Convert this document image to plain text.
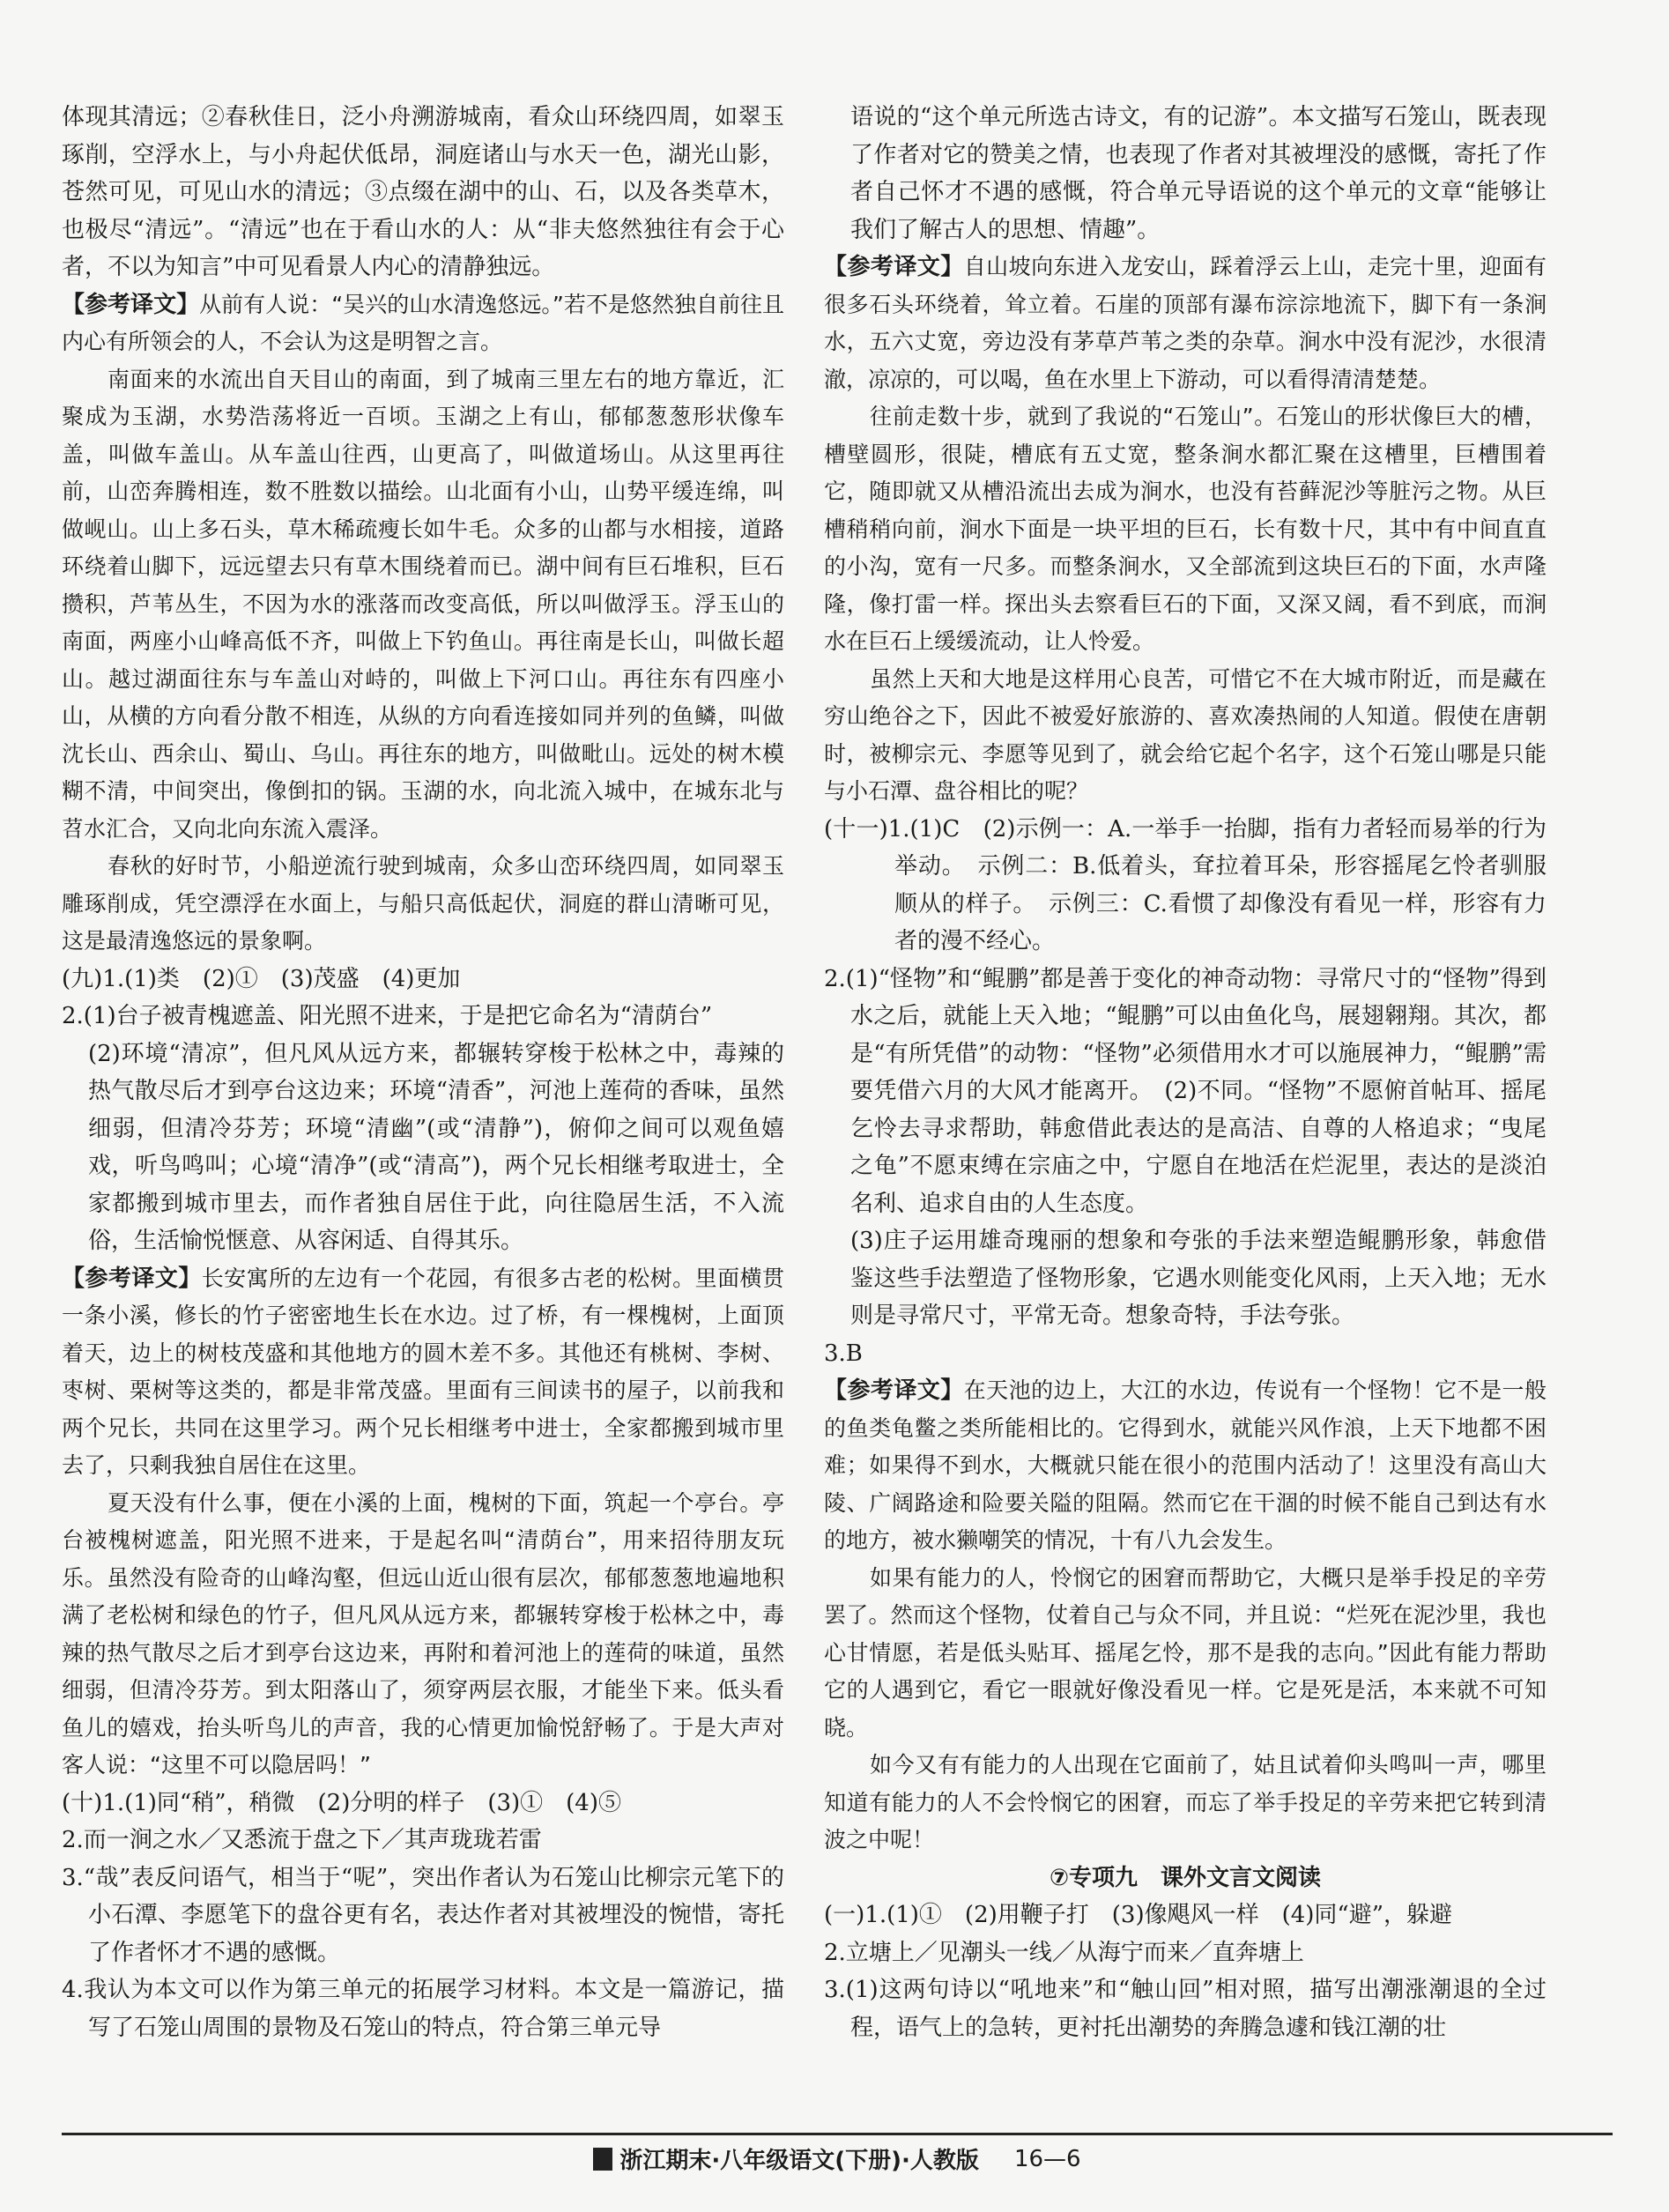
体现其清远；②春秋佳日，泛小舟溯游城南，看众山环绕四周，如翠玉琢削，空浮水上，与小舟起伏低昂，洞庭诸山与水天一色，湖光山影，苍然可见，可见山水的清远；③点缀在湖中的山、石，以及各类草木，也极尽“清远”。“清远”也在于看山水的人：从“非夫悠然独往有会于心者，不以为知言”中可见看景人内心的清静独远。

【参考译文】从前有人说：“吴兴的山水清逸悠远。”若不是悠然独自前往且内心有所领会的人，不会认为这是明智之言。

南面来的水流出自天目山的南面，到了城南三里左右的地方靠近，汇聚成为玉湖，水势浩荡将近一百顷。玉湖之上有山，郁郁葱葱形状像车盖，叫做车盖山。从车盖山往西，山更高了，叫做道场山。从这里再往前，山峦奔腾相连，数不胜数以描绘。山北面有小山，山势平缓连绵，叫做岘山。山上多石头，草木稀疏瘦长如牛毛。众多的山都与水相接，道路环绕着山脚下，远远望去只有草木围绕着而已。湖中间有巨石堆积，巨石攒积，芦苇丛生，不因为水的涨落而改变高低，所以叫做浮玉。浮玉山的南面，两座小山峰高低不齐，叫做上下钓鱼山。再往南是长山，叫做长超山。越过湖面往东与车盖山对峙的，叫做上下河口山。再往东有四座小山，从横的方向看分散不相连，从纵的方向看连接如同并列的鱼鳞，叫做沈长山、西余山、蜀山、乌山。再往东的地方，叫做毗山。远处的树木模糊不清，中间突出，像倒扣的锅。玉湖的水，向北流入城中，在城东北与苕水汇合，又向北向东流入震泽。

春秋的好时节，小船逆流行驶到城南，众多山峦环绕四周，如同翠玉雕琢削成，凭空漂浮在水面上，与船只高低起伏，洞庭的群山清晰可见，这是最清逸悠远的景象啊。

(九)1.(1)类　(2)①　(3)茂盛　(4)更加

2.(1)台子被青槐遮盖、阳光照不进来，于是把它命名为“清荫台”

(2)环境“清凉”，但凡风从远方来，都辗转穿梭于松林之中，毒辣的热气散尽后才到亭台这边来；环境“清香”，河池上莲荷的香味，虽然细弱，但清冷芬芳；环境“清幽”(或“清静”)，俯仰之间可以观鱼嬉戏，听鸟鸣叫；心境“清净”(或“清高”)，两个兄长相继考取进士，全家都搬到城市里去，而作者独自居住于此，向往隐居生活，不入流俗，生活愉悦惬意、从容闲适、自得其乐。

【参考译文】长安寓所的左边有一个花园，有很多古老的松树。里面横贯一条小溪，修长的竹子密密地生长在水边。过了桥，有一棵槐树，上面顶着天，边上的树枝茂盛和其他地方的圆木差不多。其他还有桃树、李树、枣树、栗树等这类的，都是非常茂盛。里面有三间读书的屋子，以前我和两个兄长，共同在这里学习。两个兄长相继考中进士，全家都搬到城市里去了，只剩我独自居住在这里。

夏天没有什么事，便在小溪的上面，槐树的下面，筑起一个亭台。亭台被槐树遮盖，阳光照不进来，于是起名叫“清荫台”，用来招待朋友玩乐。虽然没有险奇的山峰沟壑，但远山近山很有层次，郁郁葱葱地遍地积满了老松树和绿色的竹子，但凡风从远方来，都辗转穿梭于松林之中，毒辣的热气散尽之后才到亭台这边来，再附和着河池上的莲荷的味道，虽然细弱，但清冷芬芳。到太阳落山了，须穿两层衣服，才能坐下来。低头看鱼儿的嬉戏，抬头听鸟儿的声音，我的心情更加愉悦舒畅了。于是大声对客人说：“这里不可以隐居吗！”

(十)1.(1)同“稍”，稍微　(2)分明的样子　(3)①　(4)⑤

2.而一涧之水／又悉流于盘之下／其声珑珑若雷

3.“哉”表反问语气，相当于“呢”，突出作者认为石笼山比柳宗元笔下的小石潭、李愿笔下的盘谷更有名，表达作者对其被埋没的惋惜，寄托了作者怀才不遇的感慨。

4.我认为本文可以作为第三单元的拓展学习材料。本文是一篇游记，描写了石笼山周围的景物及石笼山的特点，符合第三单元导

语说的“这个单元所选古诗文，有的记游”。本文描写石笼山，既表现了作者对它的赞美之情，也表现了作者对其被埋没的感慨，寄托了作者自己怀才不遇的感慨，符合单元导语说的这个单元的文章“能够让我们了解古人的思想、情趣”。

【参考译文】自山坡向东进入龙安山，踩着浮云上山，走完十里，迎面有很多石头环绕着，耸立着。石崖的顶部有瀑布淙淙地流下，脚下有一条涧水，五六丈宽，旁边没有茅草芦苇之类的杂草。涧水中没有泥沙，水很清澈，凉凉的，可以喝，鱼在水里上下游动，可以看得清清楚楚。

往前走数十步，就到了我说的“石笼山”。石笼山的形状像巨大的槽，槽壁圆形，很陡，槽底有五丈宽，整条涧水都汇聚在这槽里，巨槽围着它，随即就又从槽沿流出去成为涧水，也没有苔藓泥沙等脏污之物。从巨槽稍稍向前，涧水下面是一块平坦的巨石，长有数十尺，其中有中间直直的小沟，宽有一尺多。而整条涧水，又全部流到这块巨石的下面，水声隆隆，像打雷一样。探出头去察看巨石的下面，又深又阔，看不到底，而涧水在巨石上缓缓流动，让人怜爱。

虽然上天和大地是这样用心良苦，可惜它不在大城市附近，而是藏在穷山绝谷之下，因此不被爱好旅游的、喜欢凑热闹的人知道。假使在唐朝时，被柳宗元、李愿等见到了，就会给它起个名字，这个石笼山哪是只能与小石潭、盘谷相比的呢？

(十一)1.(1)C　(2)示例一：A.一举手一抬脚，指有力者轻而易举的行为举动。　示例二：B.低着头，耷拉着耳朵，形容摇尾乞怜者驯服顺从的样子。　示例三：C.看惯了却像没有看见一样，形容有力者的漫不经心。

2.(1)“怪物”和“鲲鹏”都是善于变化的神奇动物：寻常尺寸的“怪物”得到水之后，就能上天入地；“鲲鹏”可以由鱼化鸟，展翅翱翔。其次，都是“有所凭借”的动物：“怪物”必须借用水才可以施展神力，“鲲鹏”需要凭借六月的大风才能离开。　(2)不同。“怪物”不愿俯首帖耳、摇尾乞怜去寻求帮助，韩愈借此表达的是高洁、自尊的人格追求；“曳尾之龟”不愿束缚在宗庙之中，宁愿自在地活在烂泥里，表达的是淡泊名利、追求自由的人生态度。

(3)庄子运用雄奇瑰丽的想象和夸张的手法来塑造鲲鹏形象，韩愈借鉴这些手法塑造了怪物形象，它遇水则能变化风雨，上天入地；无水则是寻常尺寸，平常无奇。想象奇特，手法夸张。

3.B

【参考译文】在天池的边上，大江的水边，传说有一个怪物！它不是一般的鱼类龟鳖之类所能相比的。它得到水，就能兴风作浪，上天下地都不困难；如果得不到水，大概就只能在很小的范围内活动了！这里没有高山大陵、广阔路途和险要关隘的阻隔。然而它在干涸的时候不能自己到达有水的地方，被水獭嘲笑的情况，十有八九会发生。

如果有能力的人，怜悯它的困窘而帮助它，大概只是举手投足的辛劳罢了。然而这个怪物，仗着自己与众不同，并且说：“烂死在泥沙里，我也心甘情愿，若是低头贴耳、摇尾乞怜，那不是我的志向。”因此有能力帮助它的人遇到它，看它一眼就好像没看见一样。它是死是活，本来就不可知晓。

如今又有有能力的人出现在它面前了，姑且试着仰头鸣叫一声，哪里知道有能力的人不会怜悯它的困窘，而忘了举手投足的辛劳来把它转到清波之中呢！

⑦专项九　课外文言文阅读

(一)1.(1)①　(2)用鞭子打　(3)像飓风一样　(4)同“避”，躲避

2.立塘上／见潮头一线／从海宁而来／直奔塘上

3.(1)这两句诗以“吼地来”和“触山回”相对照，描写出潮涨潮退的全过程，语气上的急转，更衬托出潮势的奔腾急遽和钱江潮的壮

浙江期末·八年级语文(下册)·人教版 16—6
